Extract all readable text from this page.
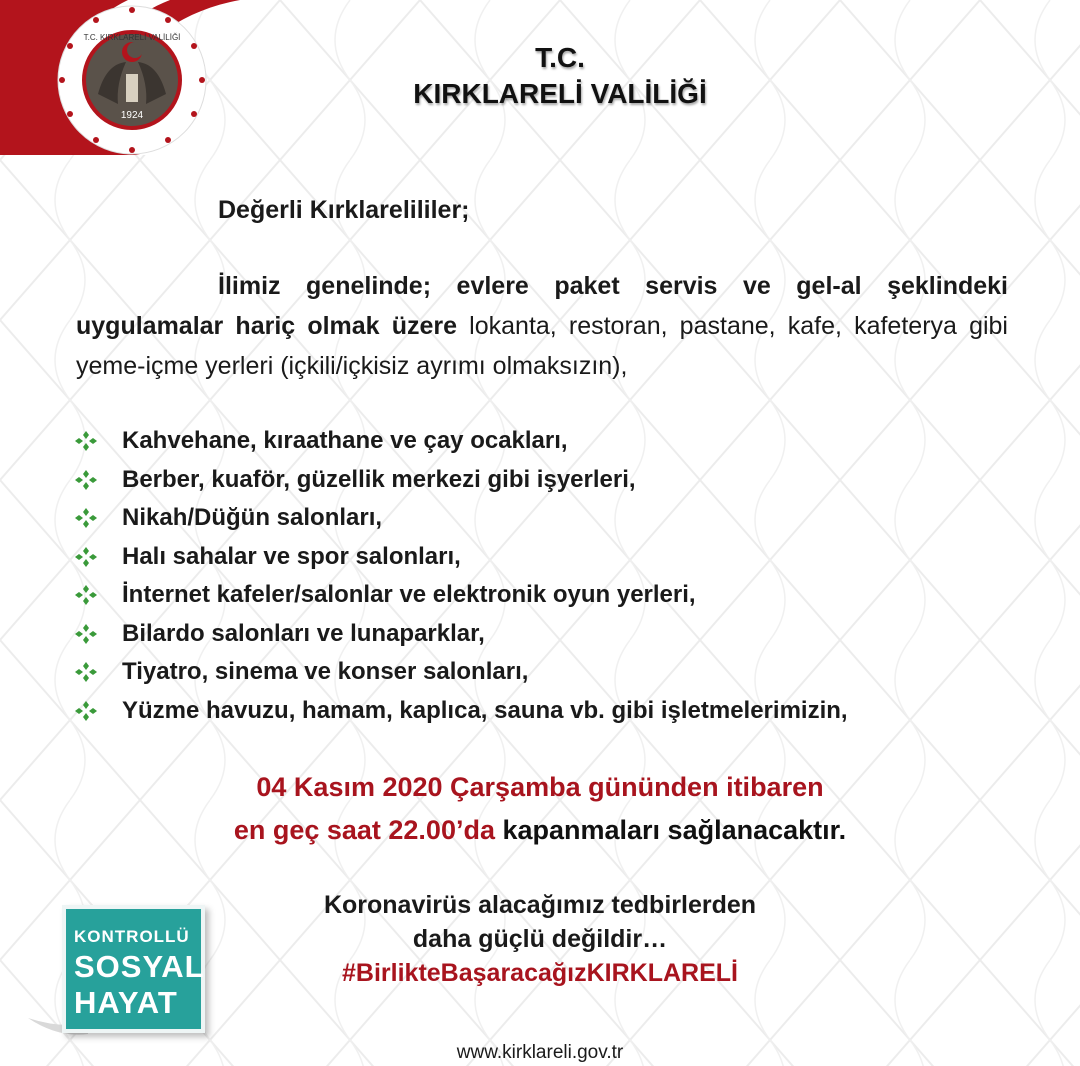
T.C. KIRKLARELİ VALİLİĞİ
1924
T.C.
KIRKLARELİ VALİLİĞİ
Değerli Kırklarelililer;
İlimiz genelinde; evlere paket servis ve gel-al şeklindeki uygulamalar hariç olmak üzere lokanta, restoran, pastane, kafe, kafeterya gibi yeme-içme yerleri (içkili/içkisiz ayrımı olmaksızın),
Kahvehane, kıraathane ve çay ocakları,
Berber, kuaför, güzellik merkezi gibi işyerleri,
Nikah/Düğün salonları,
Halı sahalar ve spor salonları,
İnternet kafeler/salonlar ve elektronik oyun yerleri,
Bilardo salonları ve lunaparklar,
Tiyatro, sinema ve konser salonları,
Yüzme havuzu, hamam, kaplıca, sauna vb. gibi işletmelerimizin,
04 Kasım 2020 Çarşamba gününden itibaren
en geç saat 22.00’da kapanmaları sağlanacaktır.
Koronavirüs alacağımız tedbirlerden
daha güçlü değildir…
#BirlikteBaşaracağızKIRKLARELİ
KONTROLLÜ
SOSYAL
HAYAT
www.kirklareli.gov.tr
